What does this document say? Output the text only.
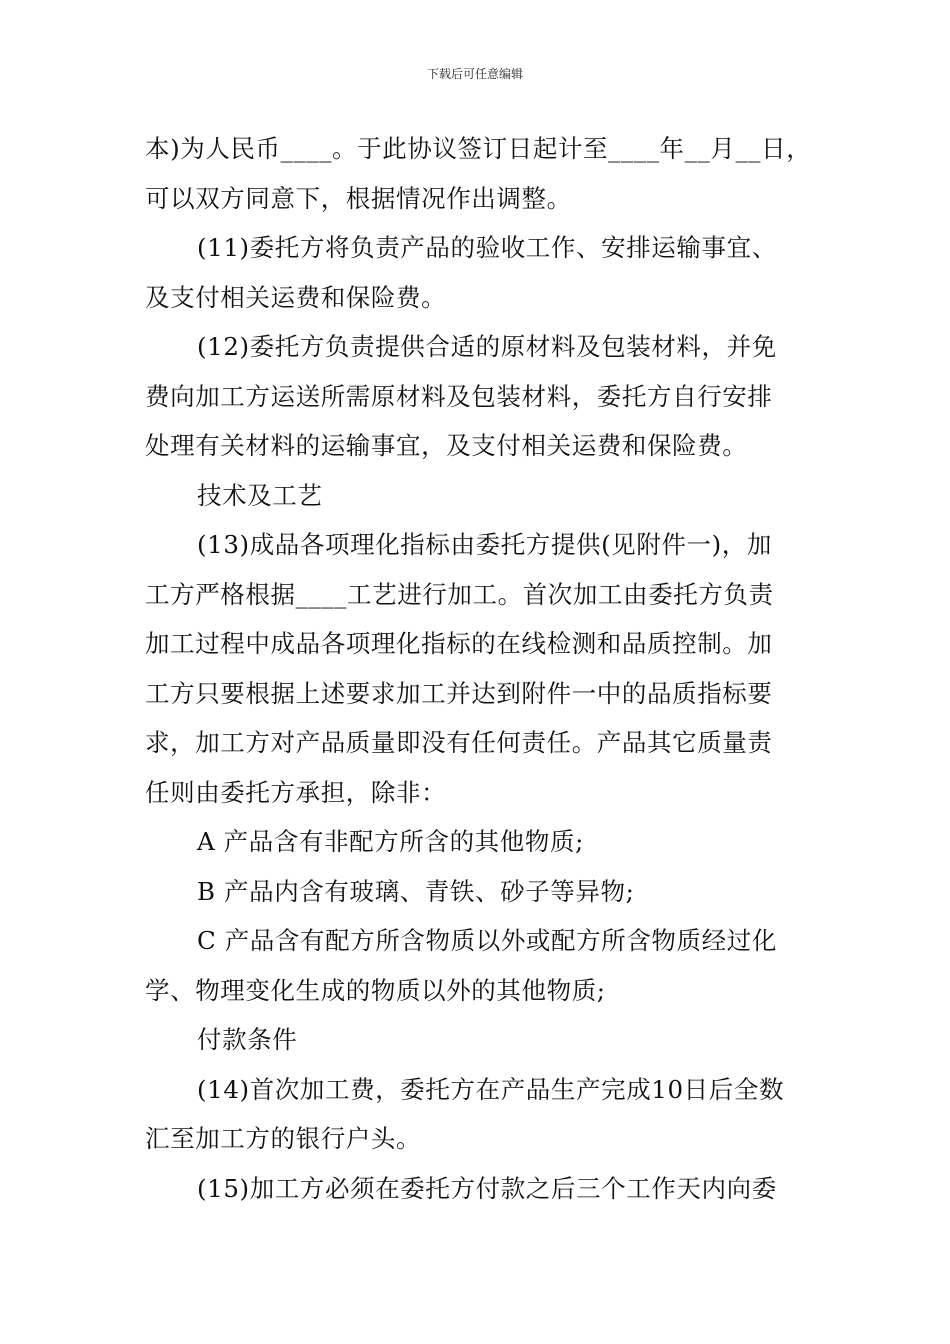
下载后可任意编辑
本)为人民币____。于此协议签订日起计至____年__月__日，
可以双方同意下，根据情况作出调整。
(11)委托方将负责产品的验收工作、安排运输事宜、
及支付相关运费和保险费。
(12)委托方负责提供合适的原材料及包装材料，并免
费向加工方运送所需原材料及包装材料，委托方自行安排
处理有关材料的运输事宜，及支付相关运费和保险费。
技术及工艺
(13)成品各项理化指标由委托方提供(见附件一)，加
工方严格根据____工艺进行加工。首次加工由委托方负责
加工过程中成品各项理化指标的在线检测和品质控制。加
工方只要根据上述要求加工并达到附件一中的品质指标要
求，加工方对产品质量即没有任何责任。产品其它质量责
任则由委托方承担，除非：
A 产品含有非配方所含的其他物质;
B 产品内含有玻璃、青铁、砂子等异物;
C 产品含有配方所含物质以外或配方所含物质经过化
学、物理变化生成的物质以外的其他物质;
付款条件
(14)首次加工费，委托方在产品生产完成10日后全数
汇至加工方的银行户头。
(15)加工方必须在委托方付款之后三个工作天内向委
